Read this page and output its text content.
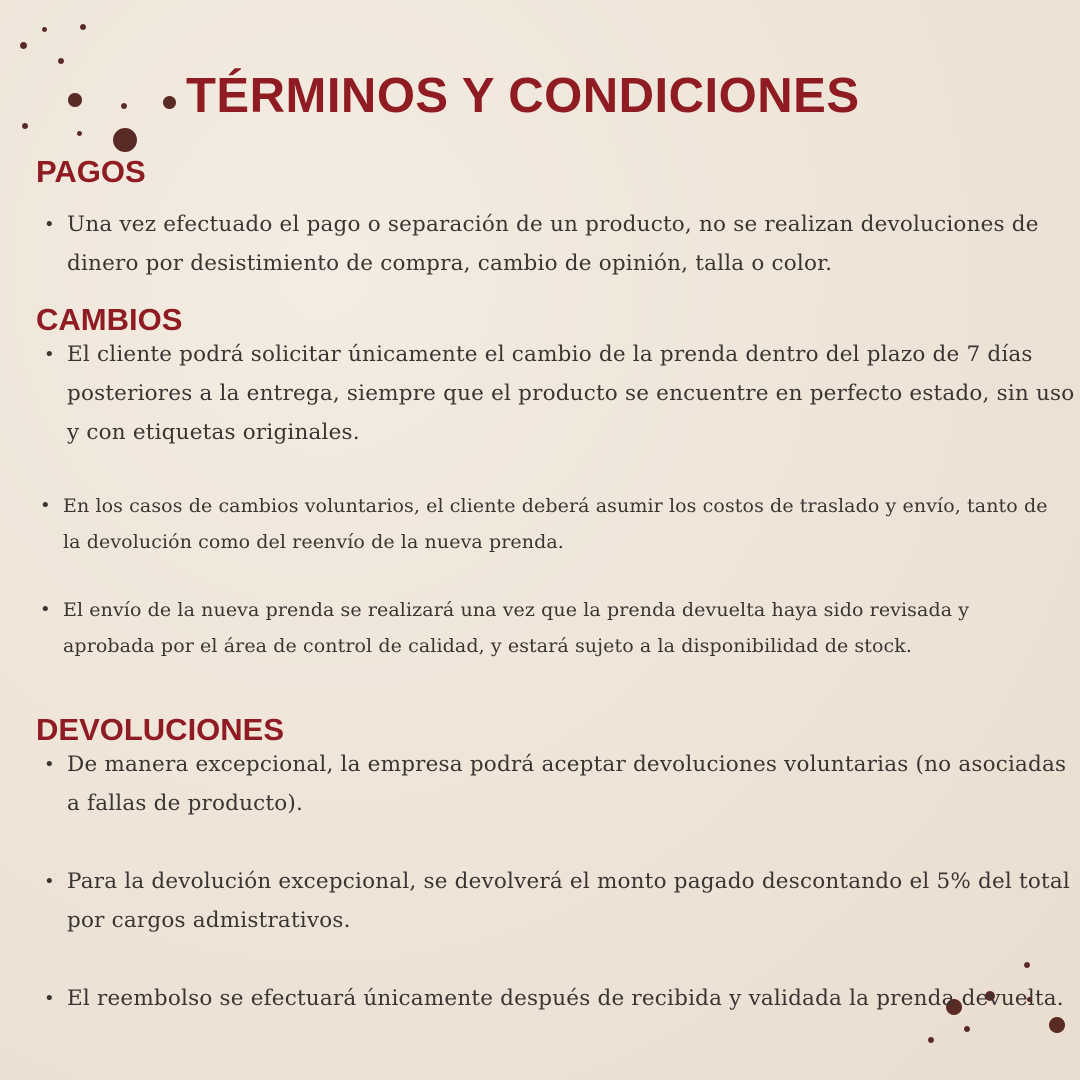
TÉRMINOS Y CONDICIONES
PAGOS

• Una vez efectuado el pago o separación de un producto, no se realizan devoluciones de dinero por desistimiento de compra, cambio de opinión, talla o color.

CAMBIOS

• El cliente podrá solicitar únicamente el cambio de la prenda dentro del plazo de 7 días posteriores a la entrega, siempre que el producto se encuentre en perfecto estado, sin uso y con etiquetas originales.

• En los casos de cambios voluntarios, el cliente deberá asumir los costos de traslado y envío, tanto de la devolución como del reenvío de la nueva prenda.

• El envío de la nueva prenda se realizará una vez que la prenda devuelta haya sido revisada y aprobada por el área de control de calidad, y estará sujeto a la disponibilidad de stock.

DEVOLUCIONES

• De manera excepcional, la empresa podrá aceptar devoluciones voluntarias (no asociadas a fallas de producto).

• Para la devolución excepcional, se devolverá el monto pagado descontando el 5% del total por cargos admistrativos.

• El reembolso se efectuará únicamente después de recibida y validada la prenda devuelta.
